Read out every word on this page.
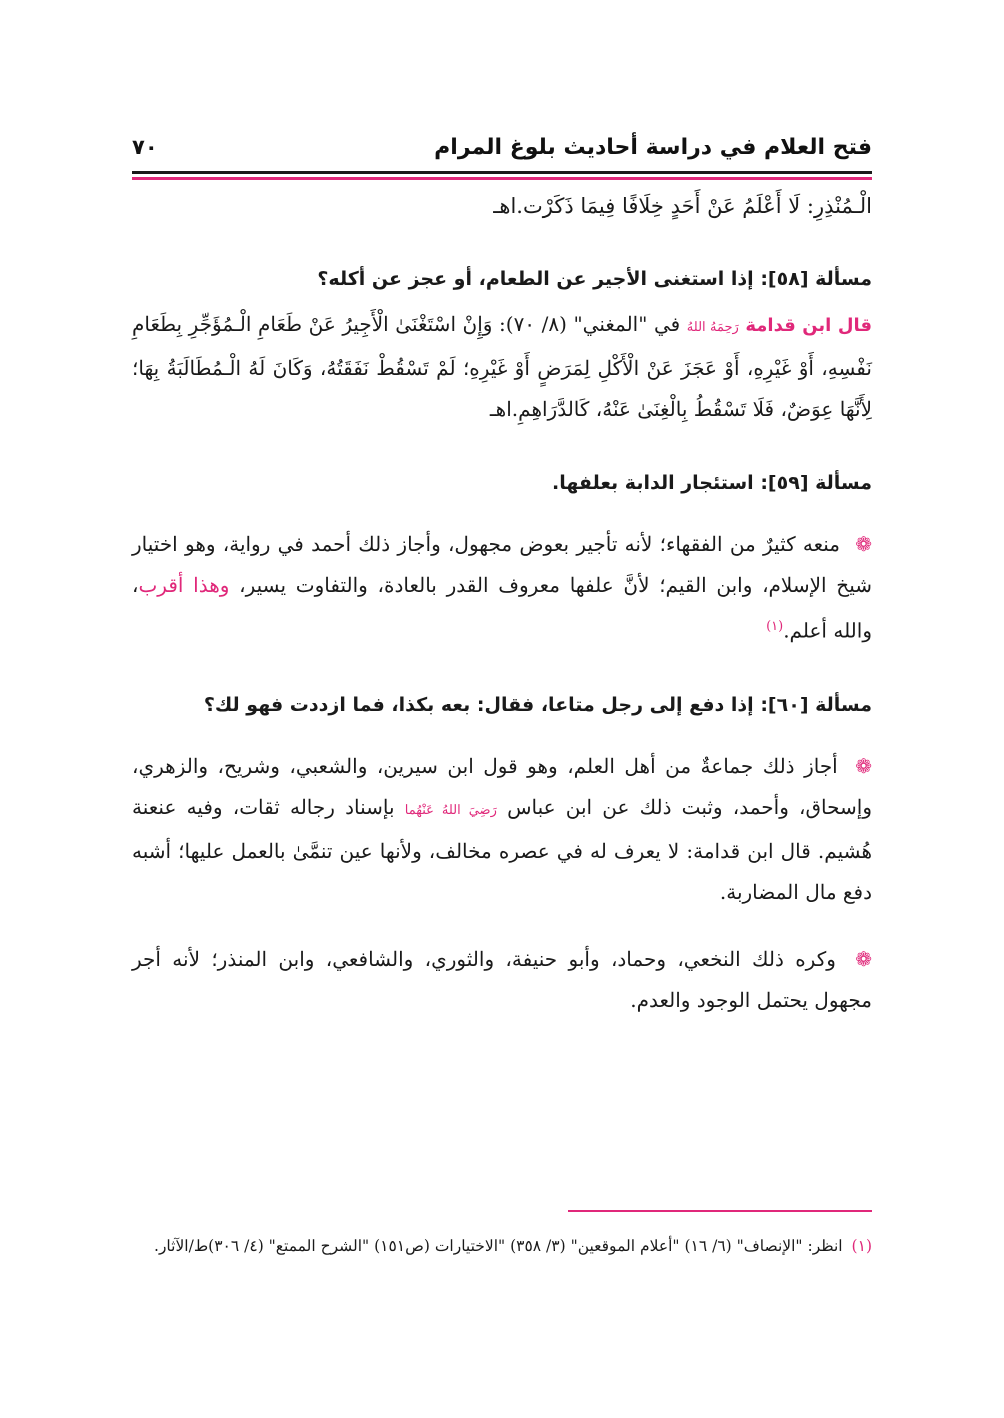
فتح العلام في دراسة أحاديث بلوغ المرام
٧٠
الْـمُنْذِرِ: لَا أَعْلَمُ عَنْ أَحَدٍ خِلَافًا فِيمَا ذَكَرْت.اهـ
مسألة [٥٨]: إذا استغنى الأجير عن الطعام، أو عجز عن أكله؟

قال ابن قدامة رَحِمَهُ اللهُ في "المغني" (٨/ ٧٠): وَإِنْ اسْتَغْنَىٰ الْأَجِيرُ عَنْ طَعَامِ الْـمُؤَجِّرِ بِطَعَامِ نَفْسِهِ، أَوْ غَيْرِهِ، أَوْ عَجَزَ عَنْ الْأَكْلِ لِمَرَضٍ أَوْ غَيْرِهِ؛ لَمْ تَسْقُطْ نَفَقَتُهُ، وَكَانَ لَهُ الْـمُطَالَبَةُ بِهَا؛ لِأَنَّهَا عِوَضٌ، فَلَا تَسْقُطُ بِالْغِنَىٰ عَنْهُ، كَالدَّرَاهِمِ.اهـ

مسألة [٥٩]: استئجار الدابة بعلفها.

❁ منعه كثيرٌ من الفقهاء؛ لأنه تأجير بعوض مجهول، وأجاز ذلك أحمد في رواية، وهو اختيار شيخ الإسلام، وابن القيم؛ لأنَّ علفها معروف القدر بالعادة، والتفاوت يسير، وهذا أقرب، والله أعلم.$^{(١)}$

مسألة [٦٠]: إذا دفع إلى رجل متاعا، فقال: بعه بكذا، فما ازددت فهو لك؟

❁ أجاز ذلك جماعةٌ من أهل العلم، وهو قول ابن سيرين، والشعبي، وشريح، والزهري، وإسحاق، وأحمد، وثبت ذلك عن ابن عباس رَضِيَ اللهُ عَنْهُما بإسناد رجاله ثقات، وفيه عنعنة هُشيم. قال ابن قدامة: لا يعرف له في عصره مخالف، ولأنها عين تنمَّىٰ بالعمل عليها؛ أشبه دفع مال المضاربة.

❁ وكره ذلك النخعي، وحماد، وأبو حنيفة، والثوري، والشافعي، وابن المنذر؛ لأنه أجر مجهول يحتمل الوجود والعدم.

(١) انظر: "الإنصاف" (٦/ ١٦) "أعلام الموقعين" (٣/ ٣٥٨) "الاختيارات (ص١٥١) "الشرح الممتع" (٤/ ٣٠٦)ط/الآثار.
